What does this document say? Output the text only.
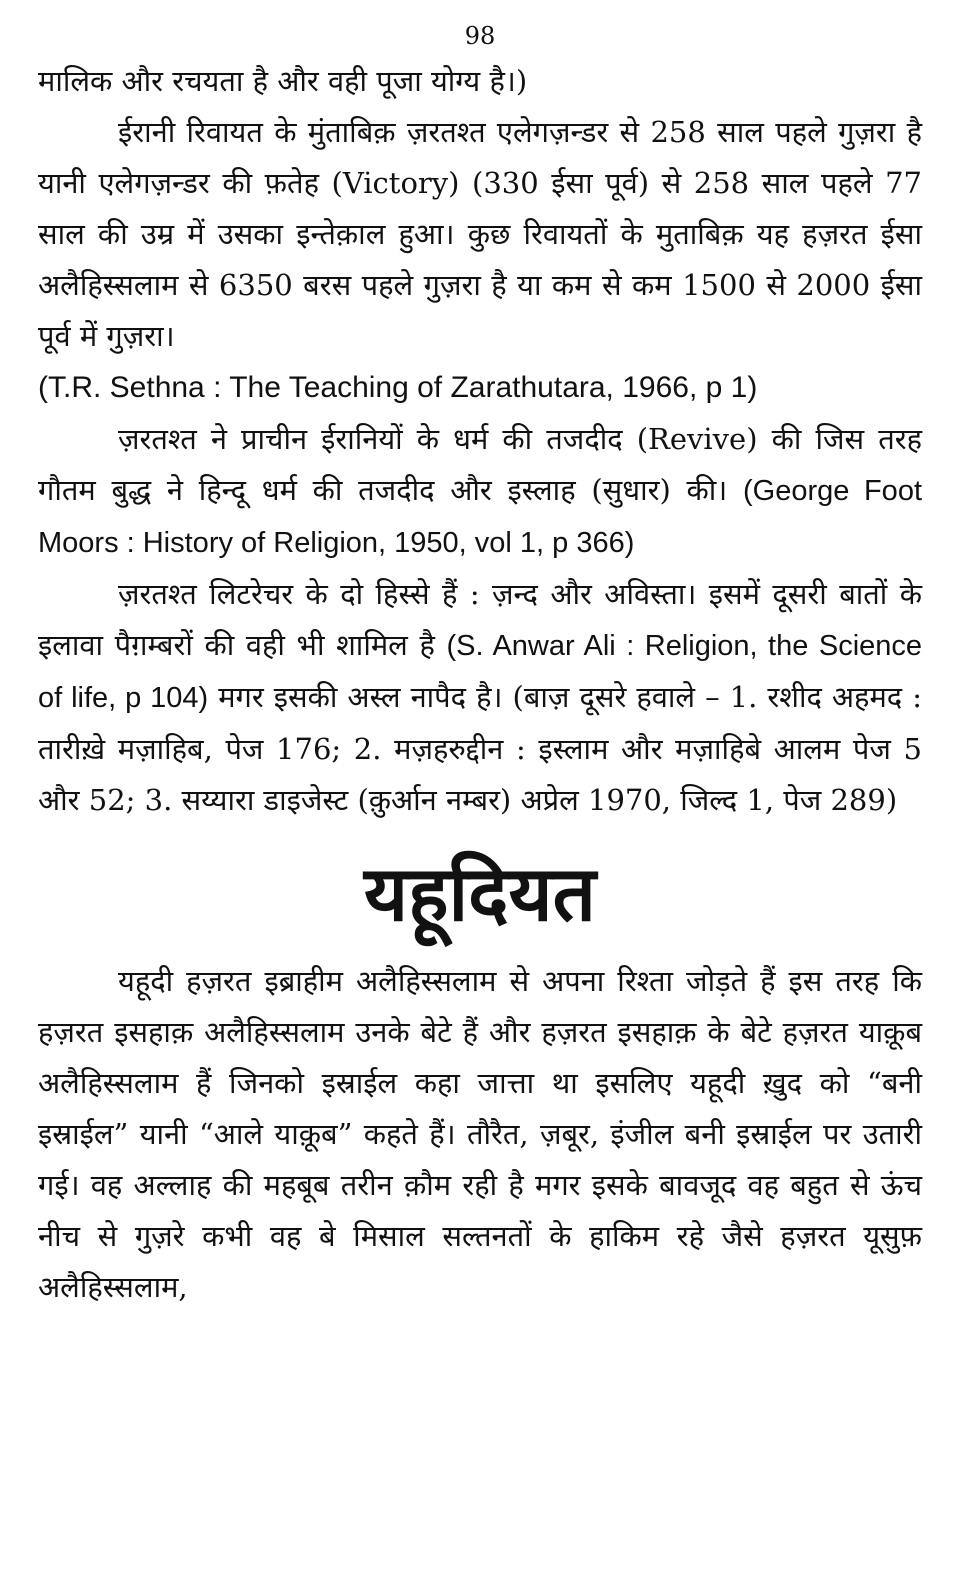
98

मालिक और रचयता है और वही पूजा योग्य है।)

ईरानी रिवायत के मुंताबिक़ ज़रतश्त एलेगज़न्डर से 258 साल पहले गुज़रा है यानी एलेगज़न्डर की फ़तेह (Victory) (330 ईसा पूर्व) से 258 साल पहले 77 साल की उम्र में उसका इन्तेक़ाल हुआ। कुछ रिवायतों के मुताबिक़ यह हज़रत ईसा अलैहिस्सलाम से 6350 बरस पहले गुज़रा है या कम से कम 1500 से 2000 ईसा पूर्व में गुज़रा।

(T.R. Sethna : The Teaching of Zarathutara, 1966, p 1)

ज़रतश्त ने प्राचीन ईरानियों के धर्म की तजदीद (Revive) की जिस तरह गौतम बुद्ध ने हिन्दू धर्म की तजदीद और इस्लाह (सुधार) की। (George Foot Moors : History of Religion, 1950, vol 1, p 366)

ज़रतश्त लिटरेचर के दो हिस्से हैं : ज़न्द और अविस्ता। इसमें दूसरी बातों के इलावा पैग़म्बरों की वही भी शामिल है (S. Anwar Ali : Religion, the Science of life, p 104) मगर इसकी अस्ल नापैद है। (बाज़ दूसरे हवाले – 1. रशीद अहमद : तारीख़े मज़ाहिब, पेज 176; 2. मज़हरुद्दीन : इस्लाम और मज़ाहिबे आलम पेज 5 और 52; 3. सय्यारा डाइजेस्ट (क़ुर्आन नम्बर) अप्रेल 1970, जिल्द 1, पेज 289)

यहूदियत

यहूदी हज़रत इब्राहीम अलैहिस्सलाम से अपना रिश्ता जोड़ते हैं इस तरह कि हज़रत इसहाक़ अलैहिस्सलाम उनके बेटे हैं और हज़रत इसहाक़ के बेटे हज़रत याक़ूब अलैहिस्सलाम हैं जिनको इस्राईल कहा जात्ता था इसलिए यहूदी ख़ुद को “बनी इस्राईल” यानी “आले याक़ूब” कहते हैं। तौरैत, ज़बूर, इंजील बनी इस्राईल पर उतारी गई। वह अल्लाह की महबूब तरीन क़ौम रही है मगर इसके बावजूद वह बहुत से ऊंच नीच से गुज़रे कभी वह बे मिसाल सल्तनतों के हाकिम रहे जैसे हज़रत यूसुफ़ अलैहिस्सलाम,
